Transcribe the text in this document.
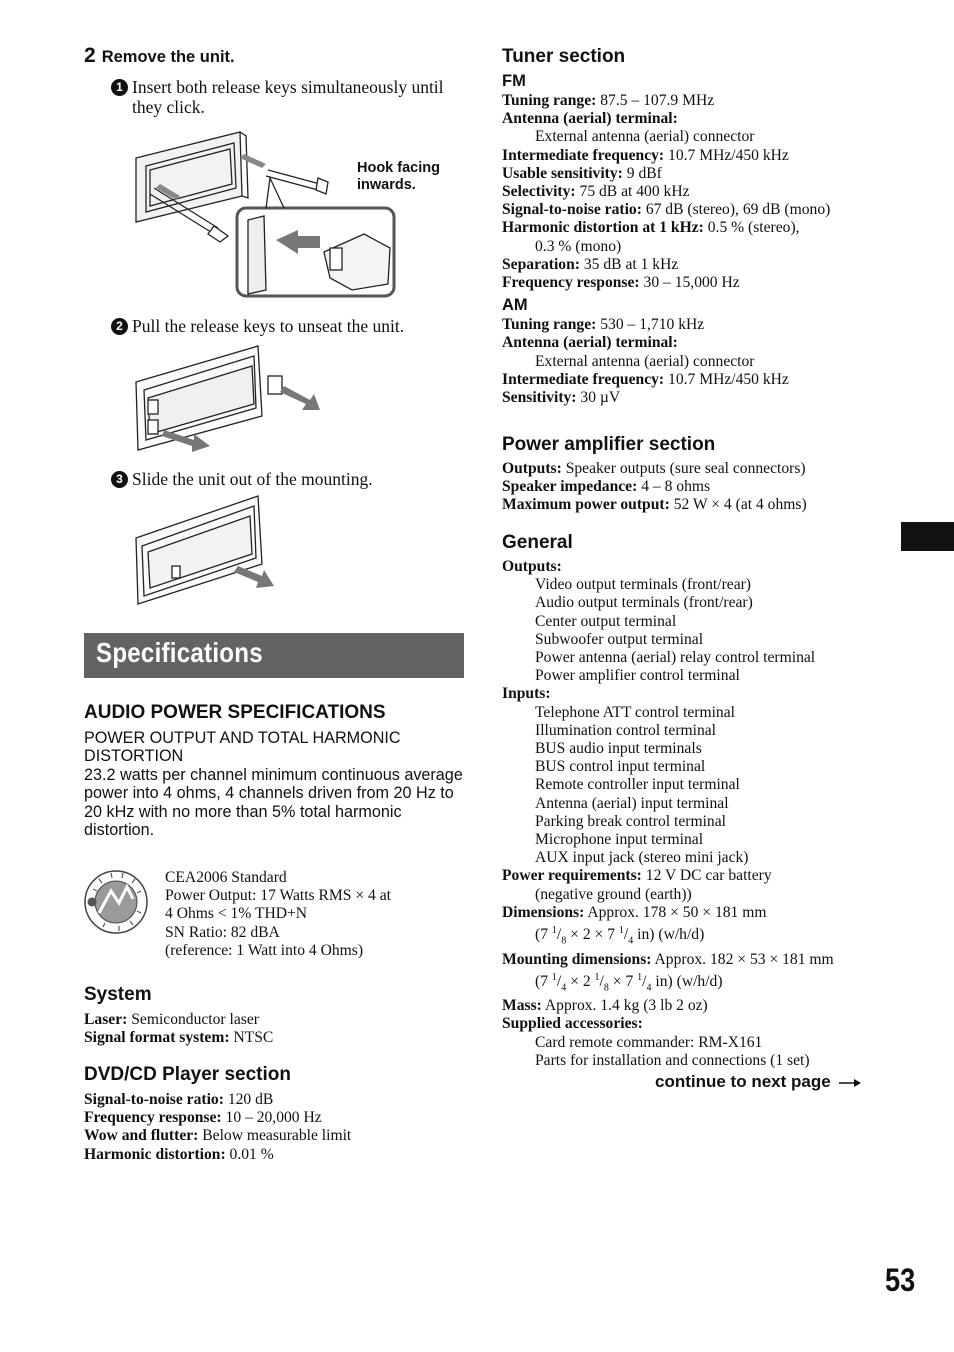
2 Remove the unit.
1 Insert both release keys simultaneously until they click.
Hook facing inwards.
2 Pull the release keys to unseat the unit.
3 Slide the unit out of the mounting.
Specifications
AUDIO POWER SPECIFICATIONS
POWER OUTPUT AND TOTAL HARMONIC DISTORTION
23.2 watts per channel minimum continuous average power into 4 ohms, 4 channels driven from 20 Hz to 20 kHz with no more than 5% total harmonic distortion.
CEA2006 Standard
Power Output: 17 Watts RMS × 4 at
4 Ohms < 1% THD+N
SN Ratio: 82 dBA
(reference: 1 Watt into 4 Ohms)
System
Laser: Semiconductor laser
Signal format system: NTSC
DVD/CD Player section
Signal-to-noise ratio: 120 dB
Frequency response: 10 – 20,000 Hz
Wow and flutter: Below measurable limit
Harmonic distortion: 0.01 %
Tuner section
FM
Tuning range: 87.5 – 107.9 MHz
Antenna (aerial) terminal:
External antenna (aerial) connector
Intermediate frequency: 10.7 MHz/450 kHz
Usable sensitivity: 9 dBf
Selectivity: 75 dB at 400 kHz
Signal-to-noise ratio: 67 dB (stereo), 69 dB (mono)
Harmonic distortion at 1 kHz: 0.5 % (stereo),
0.3 % (mono)
Separation: 35 dB at 1 kHz
Frequency response: 30 – 15,000 Hz
AM
Tuning range: 530 – 1,710 kHz
Antenna (aerial) terminal:
External antenna (aerial) connector
Intermediate frequency: 10.7 MHz/450 kHz
Sensitivity: 30 µV
Power amplifier section
Outputs: Speaker outputs (sure seal connectors)
Speaker impedance: 4 – 8 ohms
Maximum power output: 52 W × 4 (at 4 ohms)
General
Outputs:
Video output terminals (front/rear)
Audio output terminals (front/rear)
Center output terminal
Subwoofer output terminal
Power antenna (aerial) relay control terminal
Power amplifier control terminal
Inputs:
Telephone ATT control terminal
Illumination control terminal
BUS audio input terminals
BUS control input terminal
Remote controller input terminal
Antenna (aerial) input terminal
Parking break control terminal
Microphone input terminal
AUX input jack (stereo mini jack)
Power requirements: 12 V DC car battery
(negative ground (earth))
Dimensions: Approx. 178 × 50 × 181 mm
(7 $^1/_8 \times 2 \times 7$ $^1/_4$ in) (w/h/d)
Mounting dimensions: Approx. 182 × 53 × 181 mm
(7 $^1/_4 \times 2$ $^1/_8 \times 7$ $^1/_4$ in) (w/h/d)
Mass: Approx. 1.4 kg (3 lb 2 oz)
Supplied accessories:
Card remote commander: RM-X161
Parts for installation and connections (1 set)
continue to next page
53
